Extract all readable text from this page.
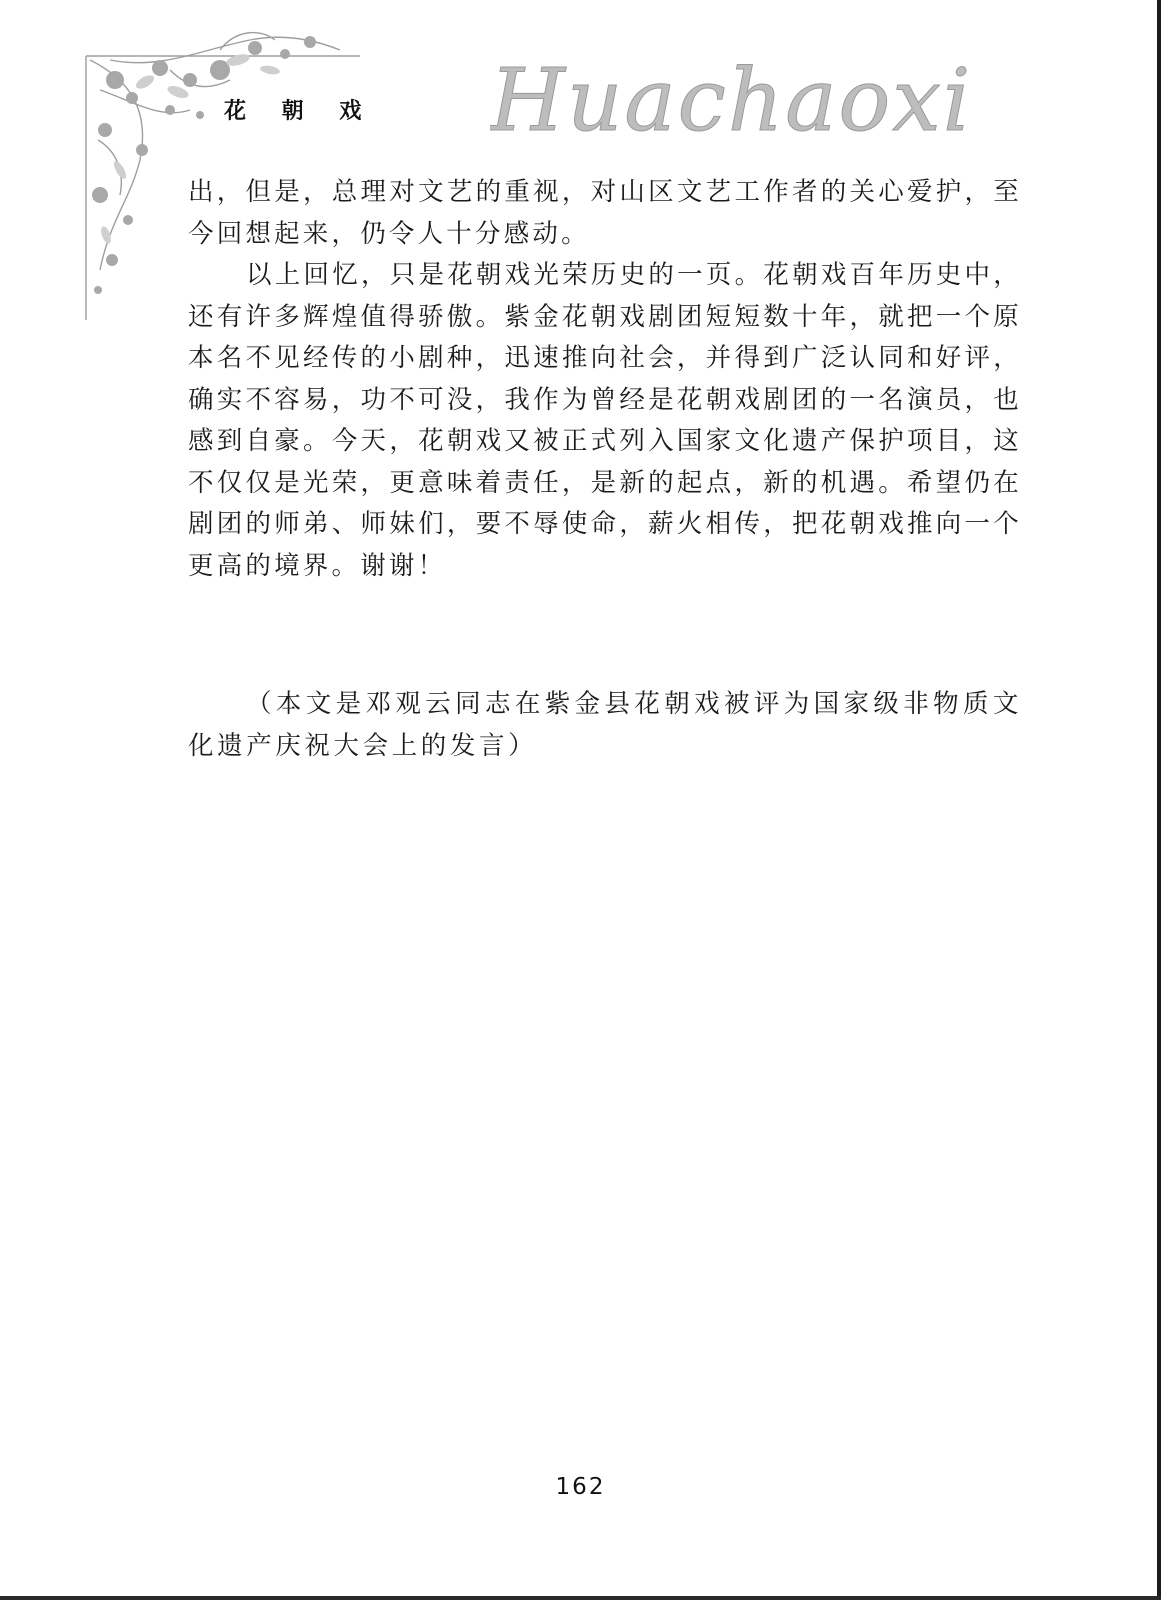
花 朝 戏 Huachaoxi

出，但是，总理对文艺的重视，对山区文艺工作者的关心爱护，至今回想起来，仍令人十分感动。

以上回忆，只是花朝戏光荣历史的一页。花朝戏百年历史中，还有许多辉煌值得骄傲。紫金花朝戏剧团短短数十年，就把一个原本名不见经传的小剧种，迅速推向社会，并得到广泛认同和好评，确实不容易，功不可没，我作为曾经是花朝戏剧团的一名演员，也感到自豪。今天，花朝戏又被正式列入国家文化遗产保护项目，这不仅仅是光荣，更意味着责任，是新的起点，新的机遇。希望仍在剧团的师弟、师妹们，要不辱使命，薪火相传，把花朝戏推向一个更高的境界。谢谢！

（本文是邓观云同志在紫金县花朝戏被评为国家级非物质文化遗产庆祝大会上的发言）

162
